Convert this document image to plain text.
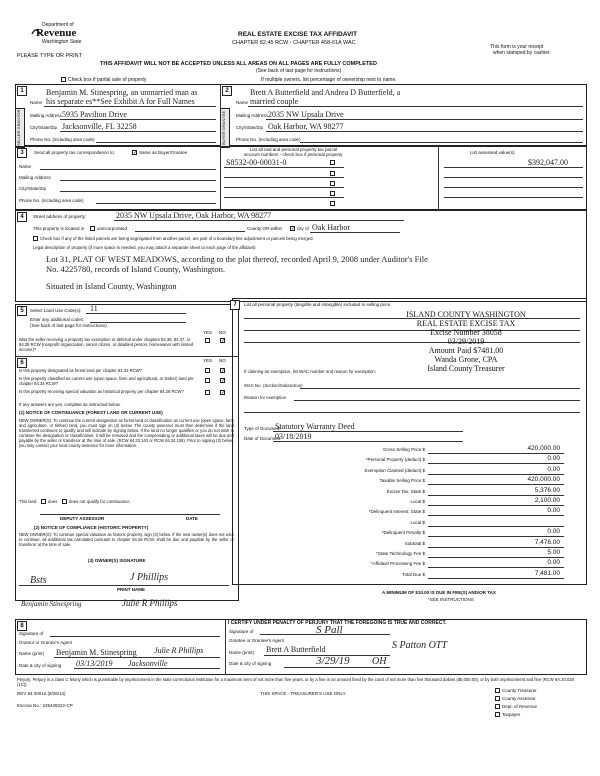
Department of
Revenue
Washington State
PLEASE TYPE OR PRINT
REAL ESTATE EXCISE TAX AFFIDAVIT
CHAPTER 82.45 RCW - CHAPTER 458-61A WAC
This form is your receipt
when stamped by cashier.
THIS AFFIDAVIT WILL NOT BE ACCEPTED UNLESS ALL AREAS ON ALL PAGES ARE FULLY COMPLETED
(See back of last page for instructions)
Check box if partial sale of property	If multiple owners, list percentage of ownership next to name.
1	2
SELLER GRANTOR	BUYER GRANTEE
Name
Benjamin M. Stinespring, an unmarried man as
his separate es**See Exhibit A for Full Names
Mailing Address 5935 Pavilion Drive
City/State/Zip Jacksonville, FL 32258
Phone No. (including area code)
Name
Brett A Butterfield and Andrea D Butterfield, a
married couple
Mailing Address 2035 NW Upsala Drive
City/State/Zip Oak Harbor, WA 98277
Phone No. (including area code)
3	Send all property tax correspondence to:	✓ Same as Buyer/Grantee
Name
Mailing Address
City/State/Zip
Phone No. (including area code)
List all real and personal property tax parcel
account numbers - check box if personal property	List assessed value(s)
S8532-00-00031-0	$392,047.00
4	Street address of property:	2035 NW Upsala Drive, Oak Harbor, WA 98277
This property is located in	unincorporated	County OR within ✓ city of Oak Harbor
Check box if any of the listed parcels are being segregated from another parcel, are part of a boundary line adjustment or parcels being merged.
Legal description of property (if more space is needed, you may attach a separate sheet to each page of the affidavit)
Lot 31, PLAT OF WEST MEADOWS, according to the plat thereof, recorded April 9, 2008 under Auditor's File
No. 4225780, records of Island County, Washington.
Situated in Island County, Washington
5	Select Land Use Code(s): 11
Enter any additional codes:
(See back of last page for instructions)
YES NO
Was the seller receiving a property tax exemption or deferral under chapters 84.36, 84.37, or 84.38 RCW (nonprofit organization, senior citizen, or disabled person, homeowner with limited income)?
✓
6	YES NO
Is this property designated as forest land per chapter 84.33 RCW?	✓
Is this property classified as current use (open space, farm and agricultural, or timber) land per chapter 84.34 RCW?	✓
Is this property receiving special valuation as historical property per chapter 84.26 RCW?	✓
If any answers are yes, complete as instructed below.
(1) NOTICE OF CONTINUANCE (FOREST LAND OR CURRENT USE)
NEW OWNER(S): To continue the current designation as forest land or classification as current use (open space, farm and agriculture, or timber) land, you must sign on (3) below. The county assessor must then determine if the land transferred continues to qualify and will indicate by signing below. If the land no longer qualifies or you do not wish to continue the designation or classification, it will be removed and the compensating or additional taxes will be due and payable by the seller or transferor at the time of sale. (RCW 84.33.140 or RCW 84.34.108). Prior to signing (3) below, you may contact your local county assessor for more information.
This land	does	does not qualify for continuance.
DEPUTY ASSESSOR	DATE
(2) NOTICE OF COMPLIANCE (HISTORIC PROPERTY)
NEW OWNER(S): To continue special valuation as historic property, sign (3) below. If the new owner(s) does not wish to continue, all additional tax calculated pursuant to chapter 84.26 RCW, shall be due and payable by the seller or transferor at the time of sale.
(3) OWNER(S) SIGNATURE
Bsts	J Phillips
PRINT NAME
Benjamin Stinespring	Julie R Phillips
7	List all personal property (tangible and intangible) included in selling price.
ISLAND COUNTY WASHINGTON
REAL ESTATE EXCISE TAX
Excise Number 38058
03/29/2019
Amount Paid $7481.00
Wanda Grone, CPA
Island County Treasurer
If claiming an exemption, list WAC number and reason for exemption:
WAC No. (Section/Subsection)
Reason for exemption
Type of Document
Statutory Warranty Deed
Date of Document
03/18/2019
Gross Selling Price $	420,000.00
*Personal Property (deduct) $	0.00
Exemption Claimed (deduct) $	0.00
Taxable Selling Price $	420,000.00
Excise Tax: State $	5,376.00
Local $	2,100.00
*Delinquent Interest: State $	0.00
Local $
*Delinquent Penalty $	0.00
Subtotal $	7,476.00
*State Technology Fee $	5.00
*Affidavit Processing Fee $	0.00
Total Due $	7,481.00
A MINIMUM OF $10.00 IS DUE IN FEE(S) AND/OR TAX
*SEE INSTRUCTIONS
8	I CERTIFY UNDER PENALTY OF PERJURY THAT THE FOREGOING IS TRUE AND CORRECT.
Signature of
Grantor or Grantor's Agent
Name (print) Benjamin M. Stinespring Julie R Phillips
Date & city of signing 03/13/2019 Jacksonville
Signature of	S Pall
Grantee or Grantee's Agent	S Patton OTT
Name (print) Brett A Butterfield
Date & city of signing	3/29/19 OH
Perjury: Perjury is a class C felony which is punishable by imprisonment in the state correctional institution for a maximum term of not more than five years, or by a fine in an amount fixed by the court of not more than five thousand dollars ($5,000.00), or by both imprisonment and fine (RCW 9A.20.020 (1C)).
REV 84 0001a (8/26/14)	THIS SPACE - TREASURER'S USE ONLY
Escrow No.: 245436022-CP
County Treasurer
County Assessor
Dept. of Revenue
Taxpayer
